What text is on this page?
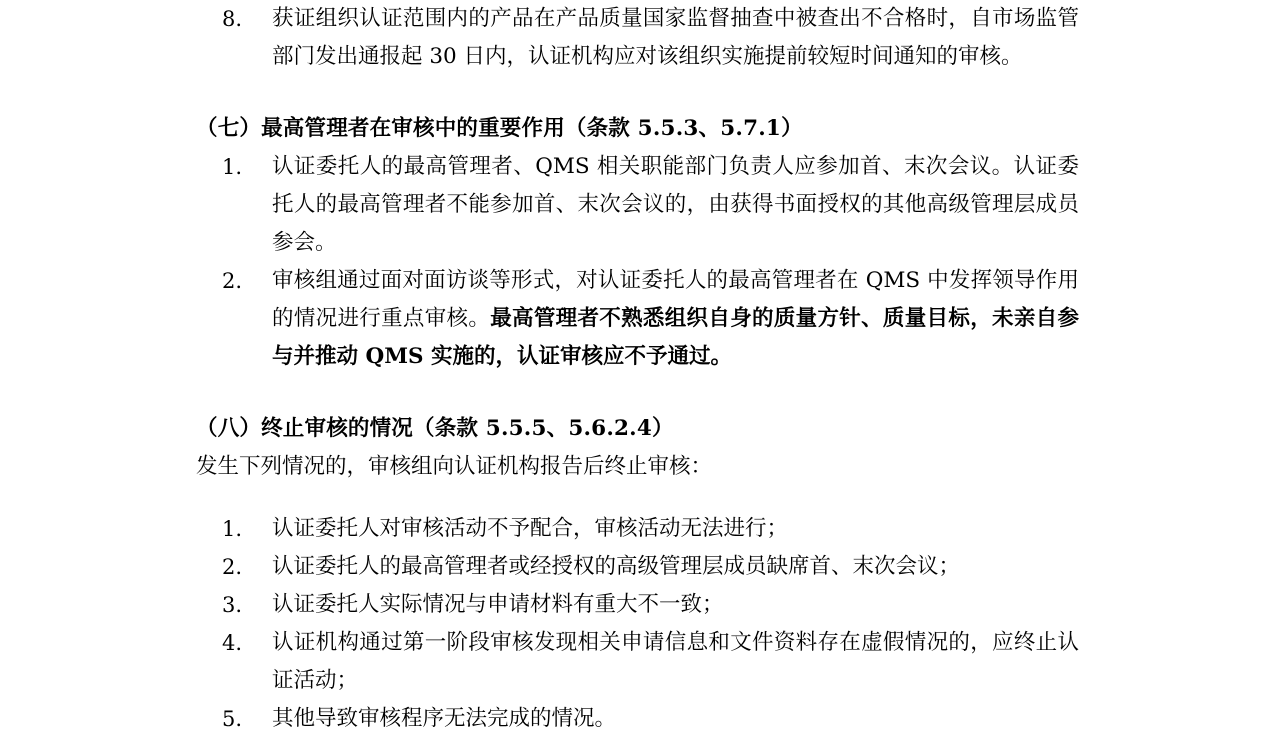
8.	获证组织认证范围内的产品在产品质量国家监督抽查中被查出不合格时，自市场监管部门发出通报起 30 日内，认证机构应对该组织实施提前较短时间通知的审核。
（七）最高管理者在审核中的重要作用（条款 5.5.3、5.7.1）
1.	认证委托人的最高管理者、QMS 相关职能部门负责人应参加首、末次会议。认证委托人的最高管理者不能参加首、末次会议的，由获得书面授权的其他高级管理层成员参会。
2.	审核组通过面对面访谈等形式，对认证委托人的最高管理者在 QMS 中发挥领导作用的情况进行重点审核。最高管理者不熟悉组织自身的质量方针、质量目标，未亲自参与并推动 QMS 实施的，认证审核应不予通过。
（八）终止审核的情况（条款 5.5.5、5.6.2.4）

发生下列情况的，审核组向认证机构报告后终止审核：

1.	认证委托人对审核活动不予配合，审核活动无法进行；
2.	认证委托人的最高管理者或经授权的高级管理层成员缺席首、末次会议；
3.	认证委托人实际情况与申请材料有重大不一致；
4.	认证机构通过第一阶段审核发现相关申请信息和文件资料存在虚假情况的，应终止认证活动；
5.	其他导致审核程序无法完成的情况。
